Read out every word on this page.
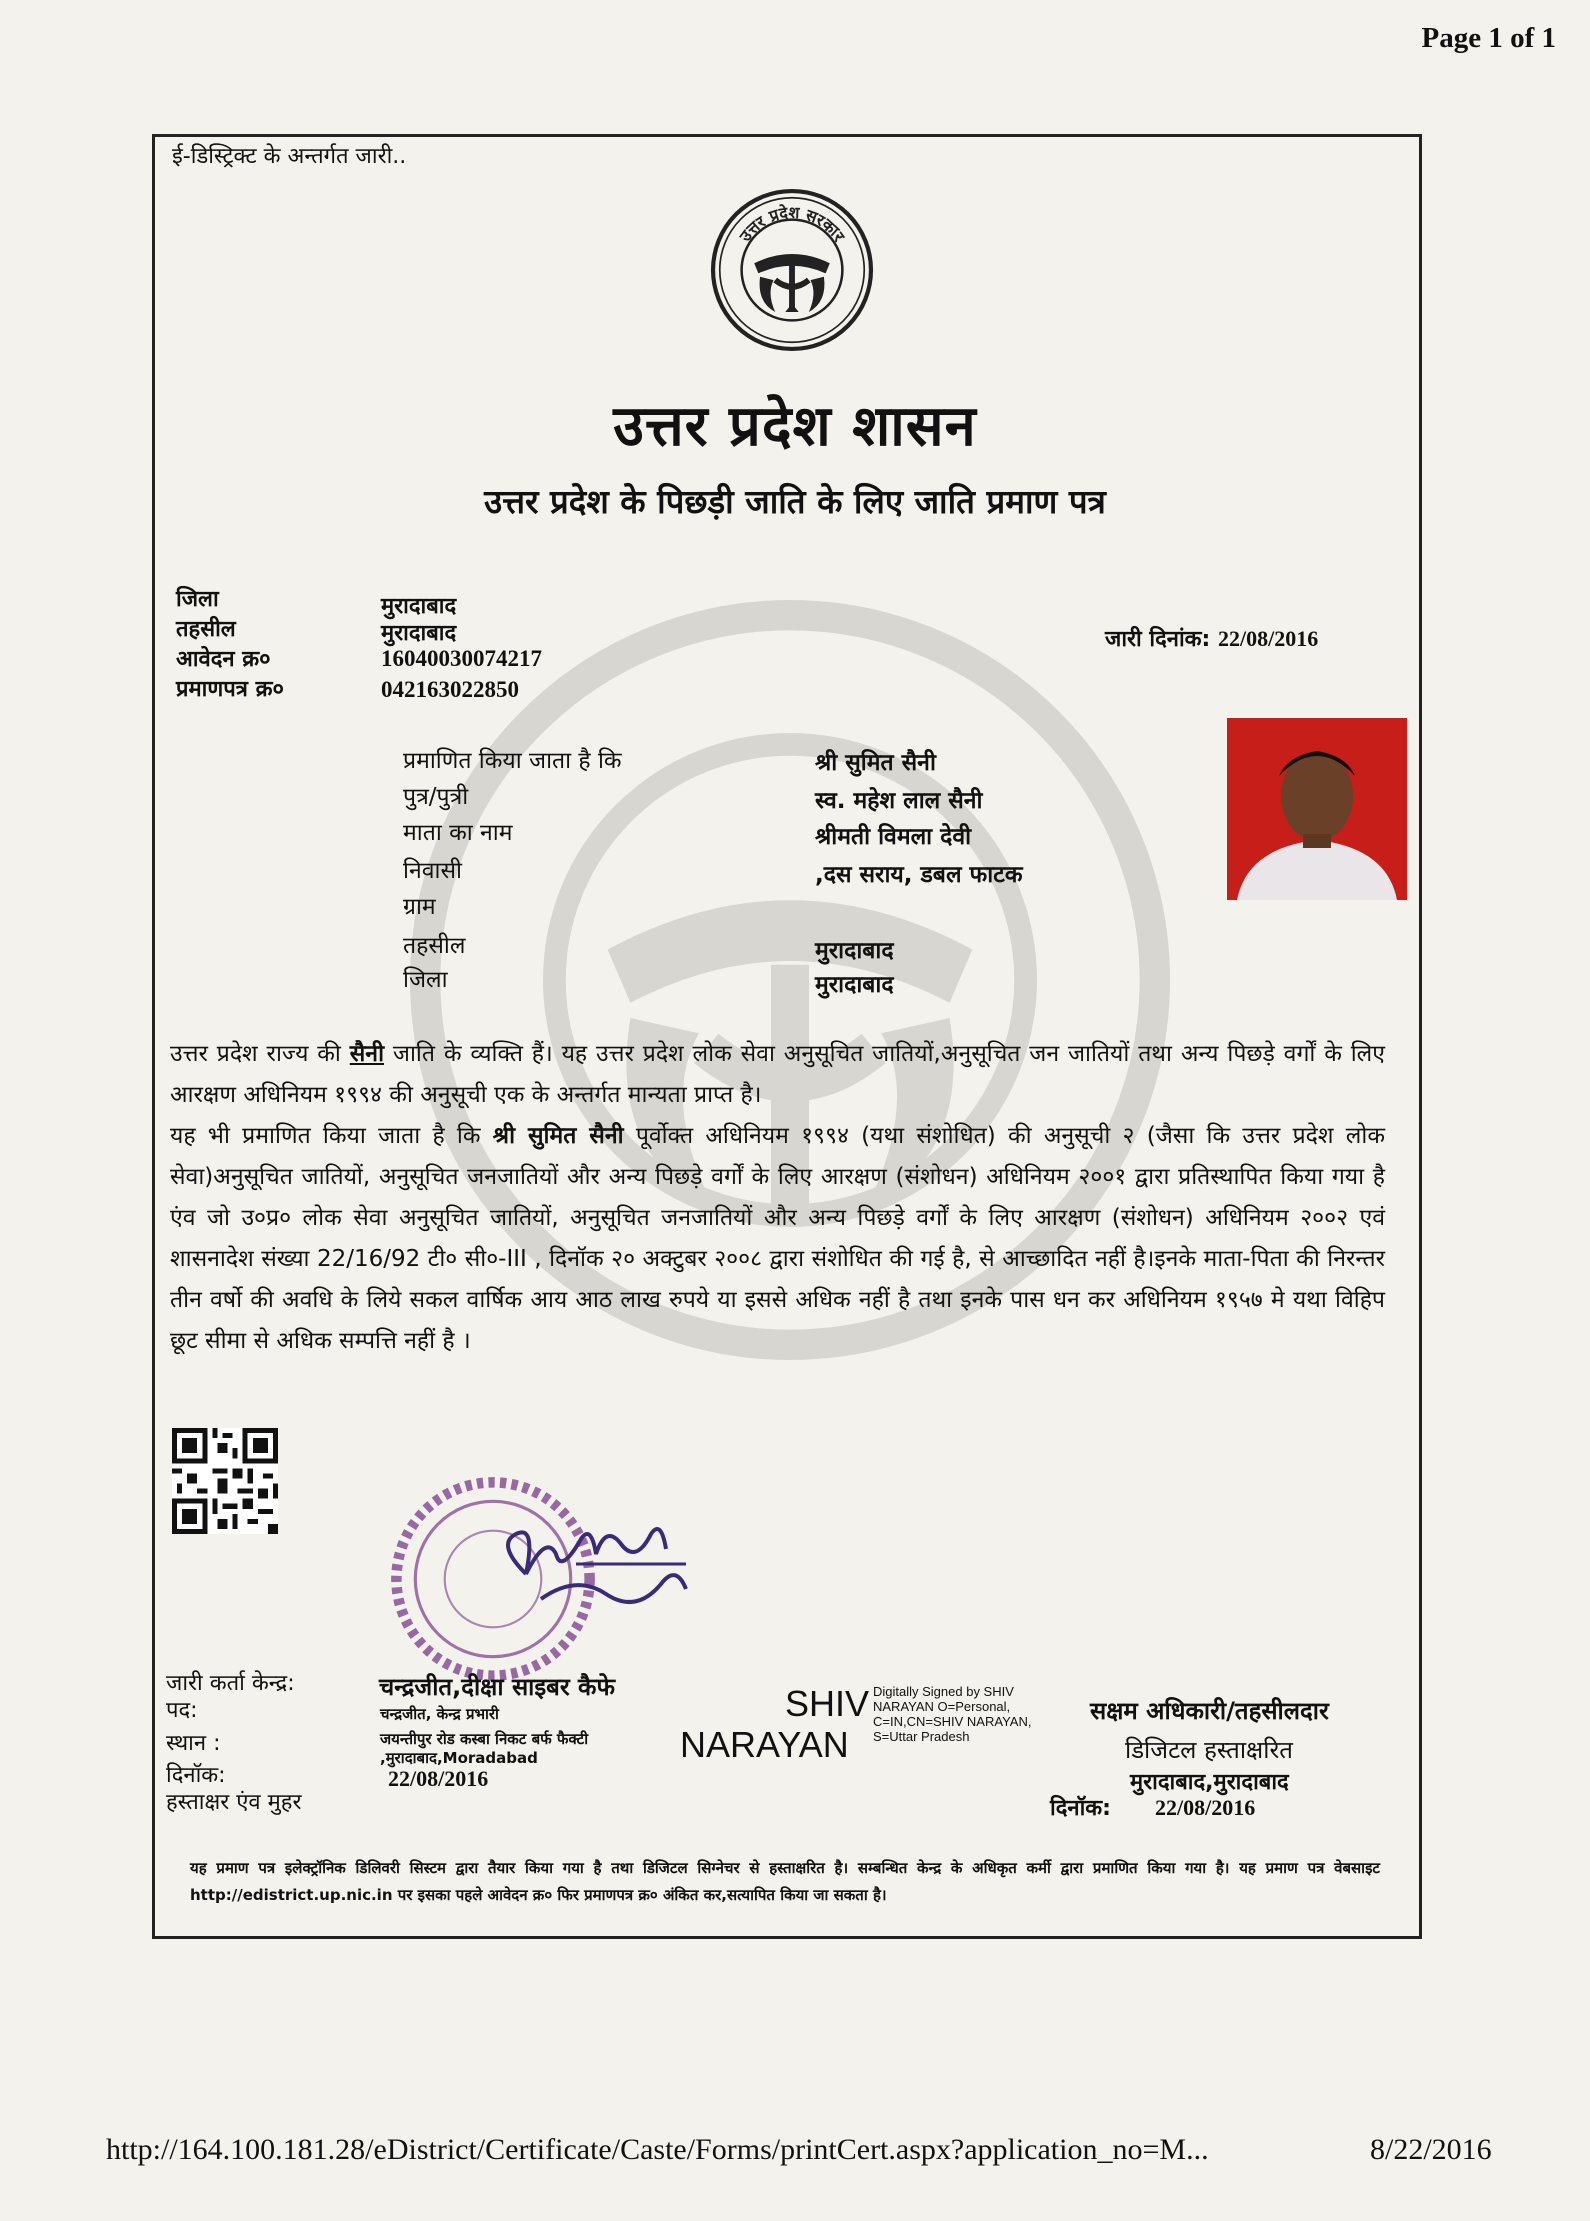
Page 1 of 1
ई-डिस्ट्रिक्ट के अन्तर्गत जारी..
उत्तर प्रदेश सरकार
उत्तर प्रदेश शासन
उत्तर प्रदेश के पिछड़ी जाति के लिए जाति प्रमाण पत्र
जिला	मुरादाबाद
तहसील	मुरादाबाद
आवेदन क्र०	16040030074217
प्रमाणपत्र क्र०	042163022850
जारी दिनांक: 22/08/2016
प्रमाणित किया जाता है कि	श्री सुमित सैनी
पुत्र/पुत्री	स्व. महेश लाल सैनी
माता का नाम	श्रीमती विमला देवी
निवासी	,दस सराय, डबल फाटक
ग्राम
तहसील	मुरादाबाद
जिला	मुरादाबाद

उत्तर प्रदेश राज्य की सैनी जाति के व्यक्ति हैं। यह उत्तर प्रदेश लोक सेवा अनुसूचित जातियों,अनुसूचित जन जातियों तथा अन्य पिछड़े वर्गों के लिए आरक्षण अधिनियम १९९४ की अनुसूची एक के अन्तर्गत मान्यता प्राप्त है।

यह भी प्रमाणित किया जाता है कि श्री सुमित सैनी पूर्वोक्त अधिनियम १९९४ (यथा संशोधित) की अनुसूची २ (जैसा कि उत्तर प्रदेश लोक सेवा)अनुसूचित जातियों, अनुसूचित जनजातियों और अन्य पिछड़े वर्गों के लिए आरक्षण (संशोधन) अधिनियम २००१ द्वारा प्रतिस्थापित किया गया है एंव जो उ०प्र० लोक सेवा अनुसूचित जातियों, अनुसूचित जनजातियों और अन्य पिछड़े वर्गों के लिए आरक्षण (संशोधन) अधिनियम २००२ एवं शासनादेश संख्या 22/16/92 टी० सी०-III , दिनॉक २० अक्टुबर २००८ द्वारा संशोधित की गई है, से आच्छादित नहीं है।इनके माता-पिता की निरन्तर तीन वर्षो की अवधि के लिये सकल वार्षिक आय आठ लाख रुपये या इससे अधिक नहीं है तथा इनके पास धन कर अधिनियम १९५७ मे यथा विहिप छूट सीमा से अधिक सम्पत्ति नहीं है ।

जारी कर्ता केन्द्र:	चन्द्रजीत,दीक्षा साइबर कैफे
पद:	चन्द्रजीत, केन्द्र प्रभारी
स्थान :	जयन्तीपुर रोड कस्बा निकट बर्फ फैक्टी ,मुरादाबाद,Moradabad
दिनॉक:	22/08/2016
हस्ताक्षर एंव मुहर
SHIV
NARAYAN
Digitally Signed by SHIV NARAYAN O=Personal, C=IN,CN=SHIV NARAYAN, S=Uttar Pradesh
सक्षम अधिकारी/तहसीलदार
डिजिटल हस्ताक्षरित
मुरादाबाद,मुरादाबाद
दिनॉक: 22/08/2016
यह प्रमाण पत्र इलेक्ट्रॉनिक डिलिवरी सिस्टम द्वारा तैयार किया गया है तथा डिजिटल सिग्नेचर से हस्ताक्षरित है। सम्बन्धित केन्द्र के अधिकृत कर्मी द्वारा प्रमाणित किया गया है। यह प्रमाण पत्र वेबसाइट http://edistrict.up.nic.in पर इसका पहले आवेदन क्र० फिर प्रमाणपत्र क्र० अंकित कर,सत्यापित किया जा सकता है।
http://164.100.181.28/eDistrict/Certificate/Caste/Forms/printCert.aspx?application_no=M...	8/22/2016
